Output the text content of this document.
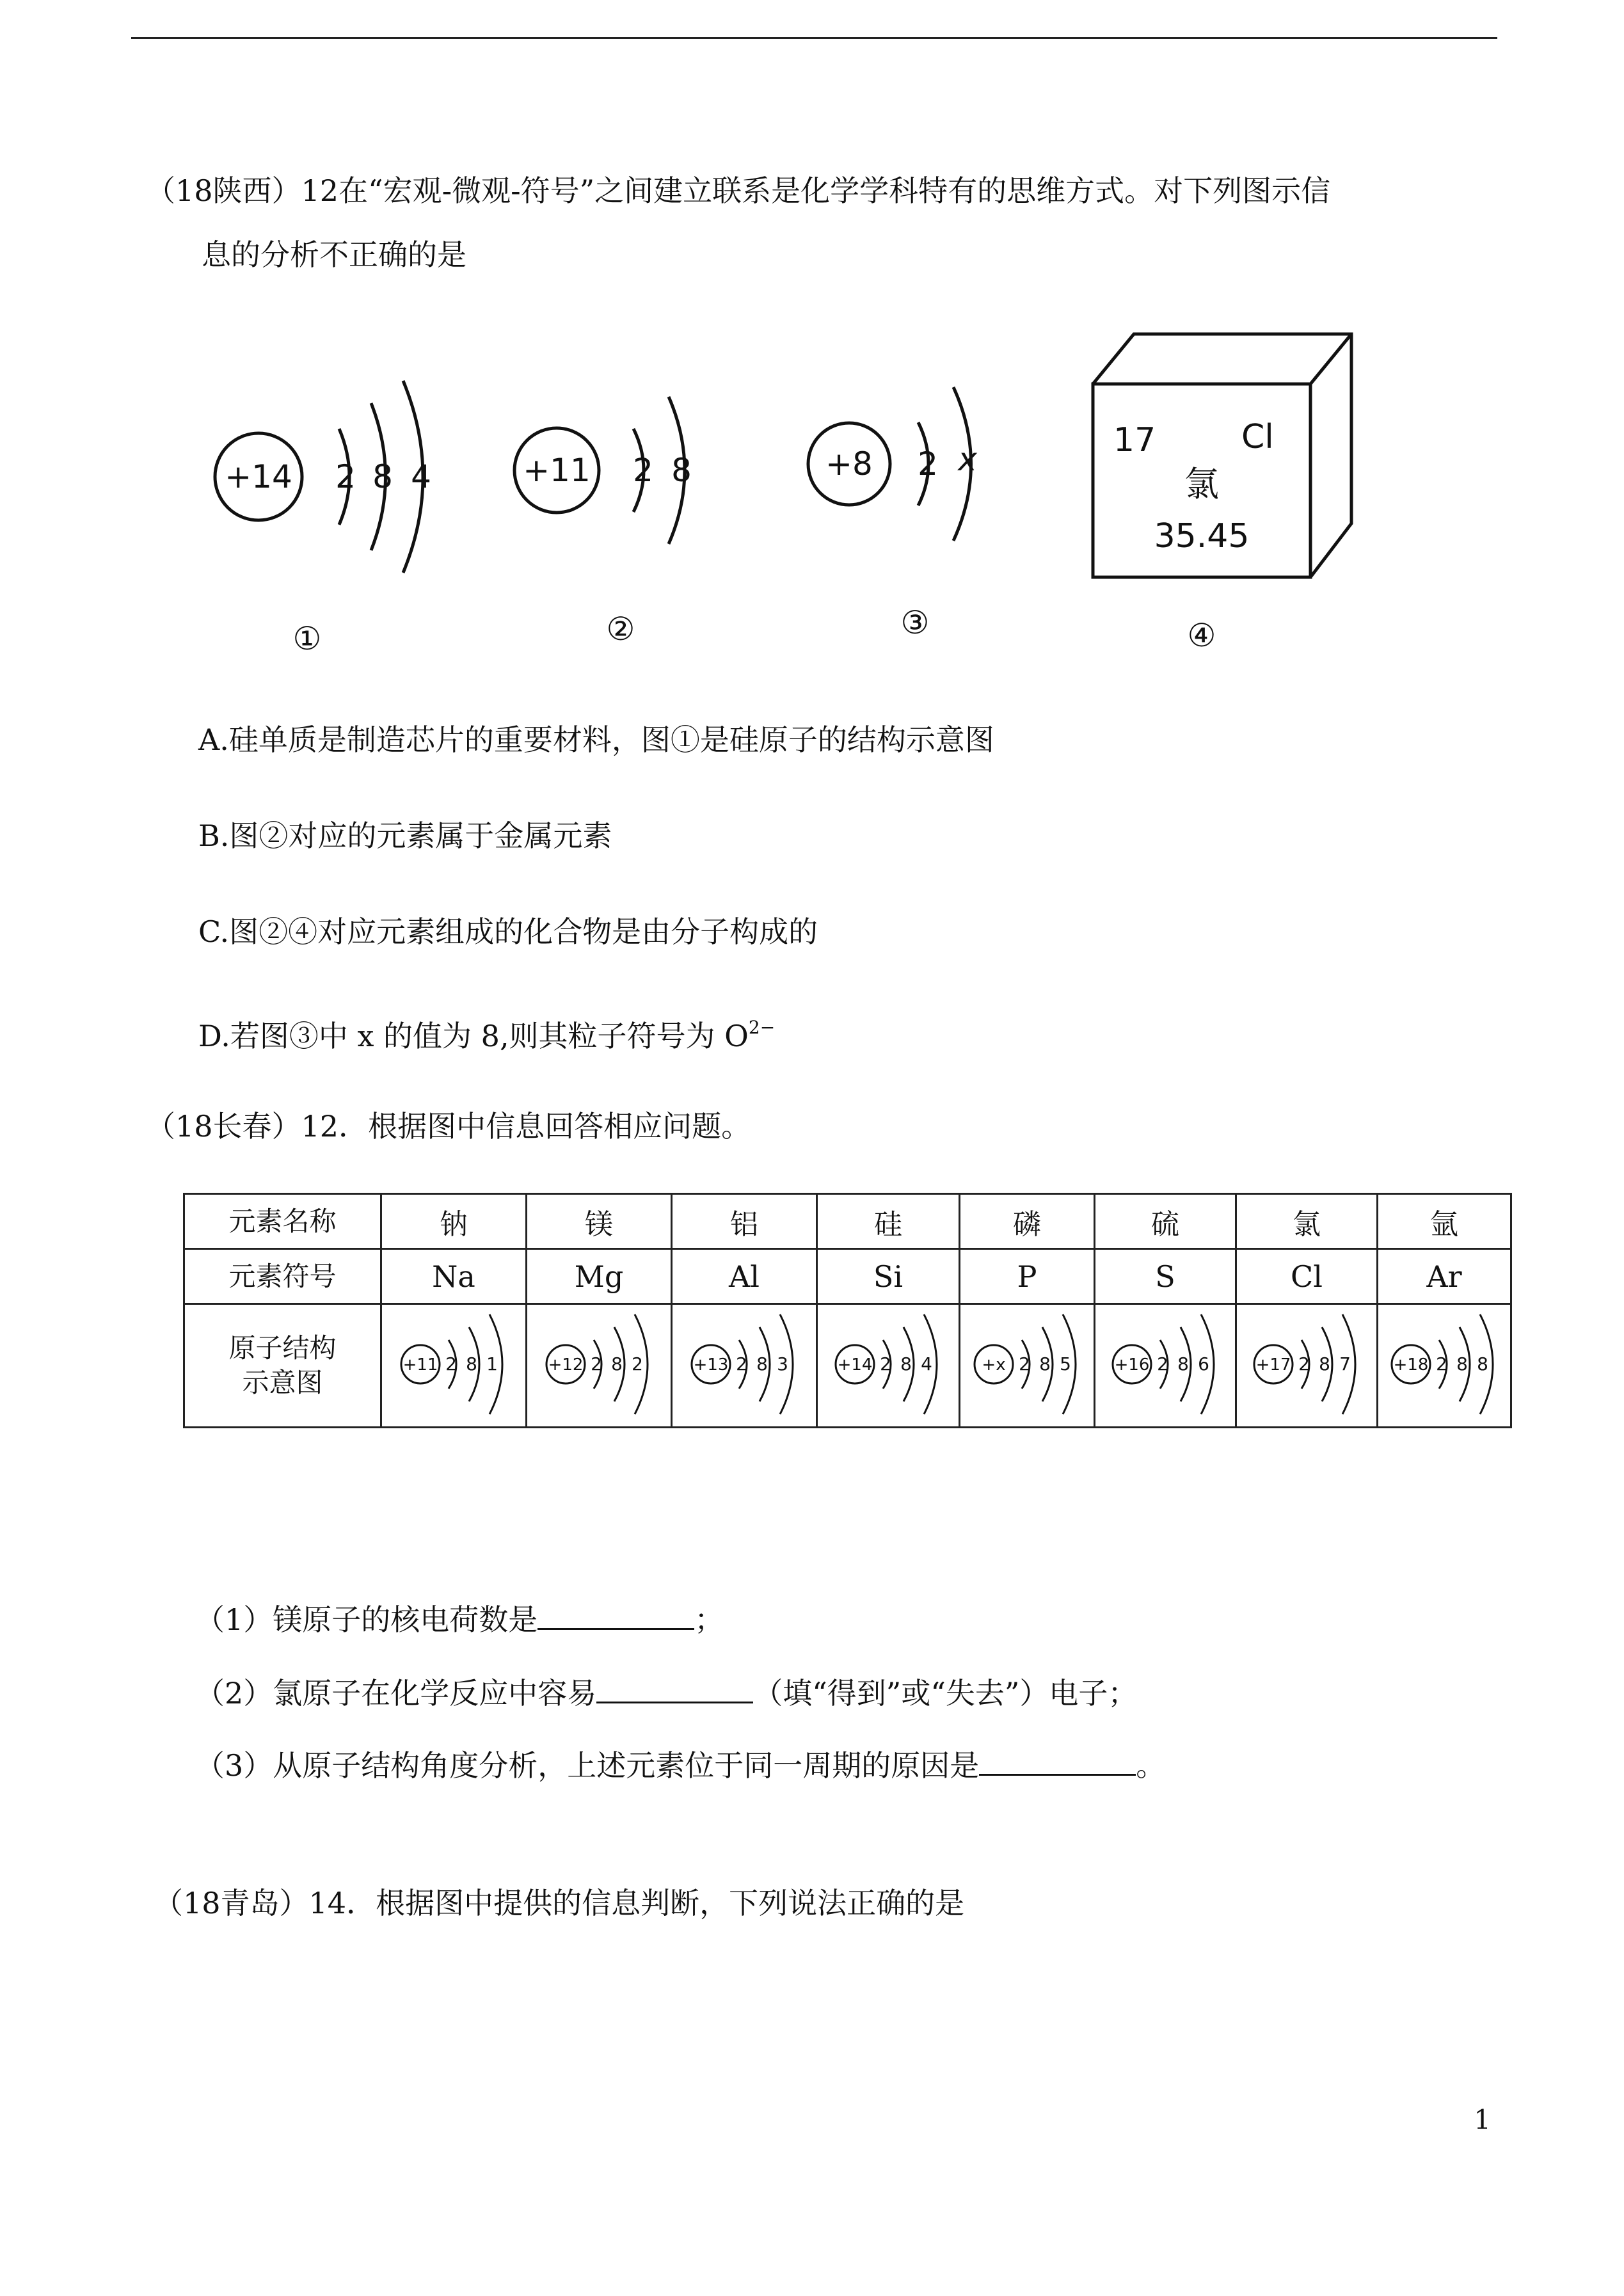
（18陕西）12在“宏观-微观-符号”之间建立联系是化学学科特有的思维方式。对下列图示信
息的分析不正确的是
+14 2 8 4
①
+11 2 8
②
+8 2 x
③
17	Cl
氯
35.45
④
A.硅单质是制造芯片的重要材料，图①是硅原子的结构示意图
B.图②对应的元素属于金属元素
C.图②④对应元素组成的化合物是由分子构成的
D.若图③中 x 的值为 8,则其粒子符号为 $O^{2-}$
（18长春）12．根据图中信息回答相应问题。
元素名称	钠	镁	铝	硅	磷	硫	氯	氩
元素符号	Na	Mg	Al	Si	P	S	Cl	Ar
原子结构
示意图	+11 2 8 1	+12 2 8 2	+13 2 8 3	+14 2 8 4	+x 2 8 5	+16 2 8 6	+17 2 8 7	+18 2 8 8
（1）镁原子的核电荷数是	；
（2）氯原子在化学反应中容易	（填“得到”或“失去”）电子；
（3）从原子结构角度分析，上述元素位于同一周期的原因是	。
（18青岛）14．根据图中提供的信息判断，下列说法正确的是
1
